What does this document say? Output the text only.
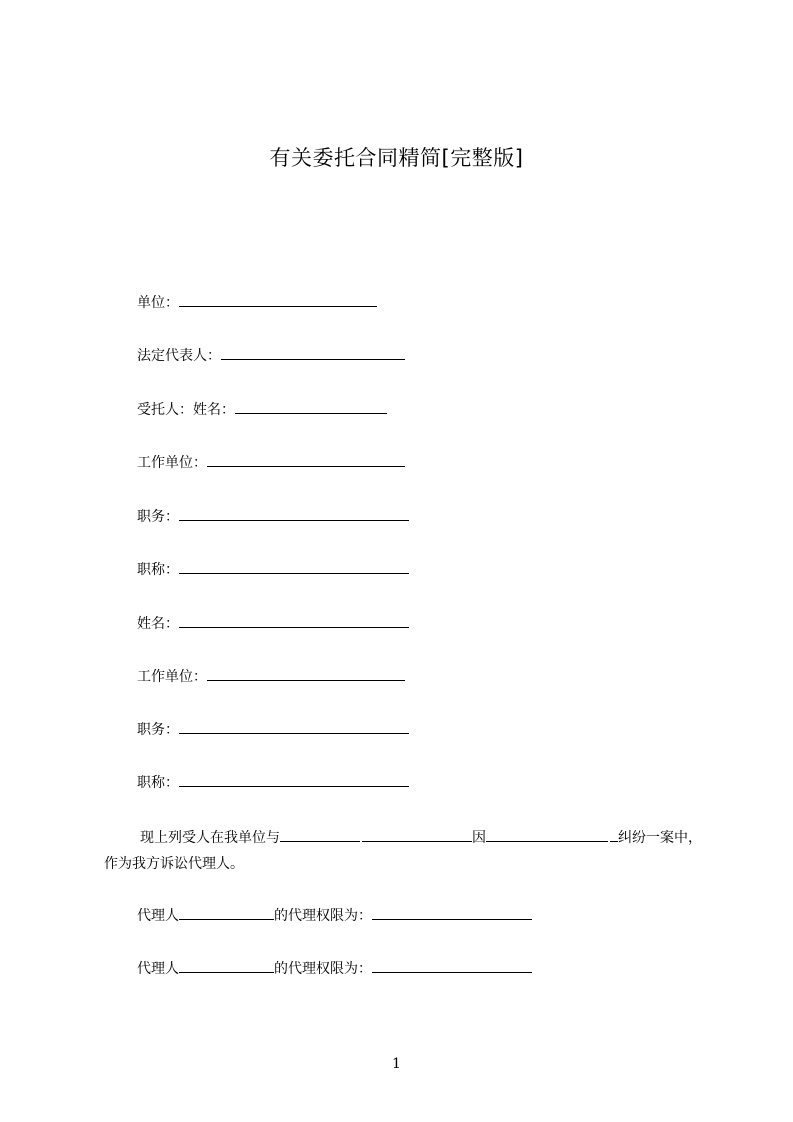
有关委托合同精简[完整版]
单位：
法定代表人：
受托人：姓名：
工作单位：
职务：
职称：
姓名：
工作单位：
职务：
职称：
现上列受人在我单位与	因	纠纷一案中，作为我方诉讼代理人。
代理人	的代理权限为：
代理人	的代理权限为：
1
